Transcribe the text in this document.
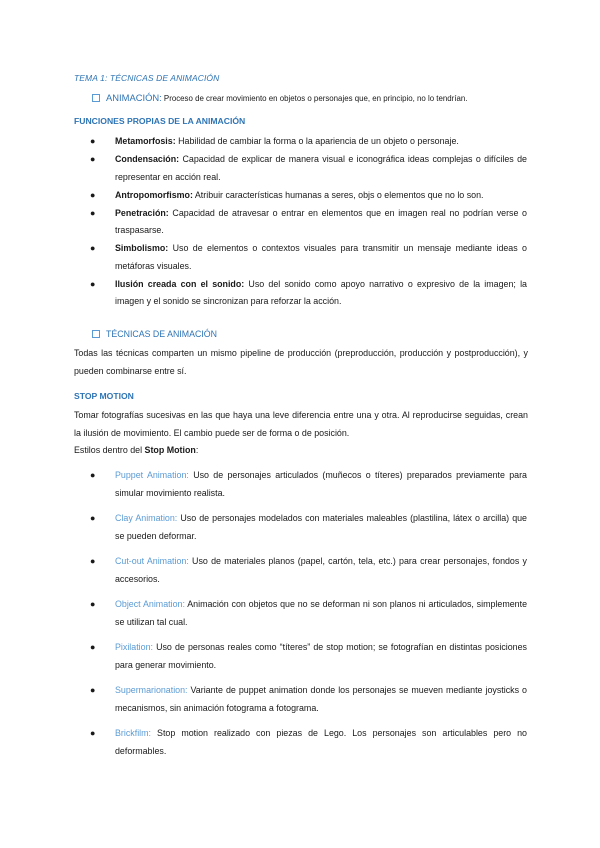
TEMA 1: TÉCNICAS DE ANIMACIÓN
ANIMACIÓN: Proceso de crear movimiento en objetos o personajes que, en principio, no lo tendrían.
FUNCIONES PROPIAS DE LA ANIMACIÓN
● Metamorfosis: Habilidad de cambiar la forma o la apariencia de un objeto o personaje.
● Condensación: Capacidad de explicar de manera visual e iconográfica ideas complejas o difíciles de representar en acción real.
● Antropomorfismo: Atribuir características humanas a seres, objs o elementos que no lo son.
● Penetración: Capacidad de atravesar o entrar en elementos que en imagen real no podrían verse o traspasarse.
● Simbolismo: Uso de elementos o contextos visuales para transmitir un mensaje mediante ideas o metáforas visuales.
● Ilusión creada con el sonido: Uso del sonido como apoyo narrativo o expresivo de la imagen; la imagen y el sonido se sincronizan para reforzar la acción.
TÉCNICAS DE ANIMACIÓN
Todas las técnicas comparten un mismo pipeline de producción (preproducción, producción y postproducción), y pueden combinarse entre sí.
STOP MOTION
Tomar fotografías sucesivas en las que haya una leve diferencia entre una y otra. Al reproducirse seguidas, crean la ilusión de movimiento. El cambio puede ser de forma o de posición.
Estilos dentro del Stop Motion:
● Puppet Animation: Uso de personajes articulados (muñecos o títeres) preparados previamente para simular movimiento realista.
● Clay Animation: Uso de personajes modelados con materiales maleables (plastilina, látex o arcilla) que se pueden deformar.
● Cut-out Animation: Uso de materiales planos (papel, cartón, tela, etc.) para crear personajes, fondos y accesorios.
● Object Animation: Animación con objetos que no se deforman ni son planos ni articulados, simplemente se utilizan tal cual.
● Pixilation: Uso de personas reales como “títeres” de stop motion; se fotografían en distintas posiciones para generar movimiento.
● Supermarionation: Variante de puppet animation donde los personajes se mueven mediante joysticks o mecanismos, sin animación fotograma a fotograma.
● Brickfilm: Stop motion realizado con piezas de Lego. Los personajes son articulables pero no deformables.
